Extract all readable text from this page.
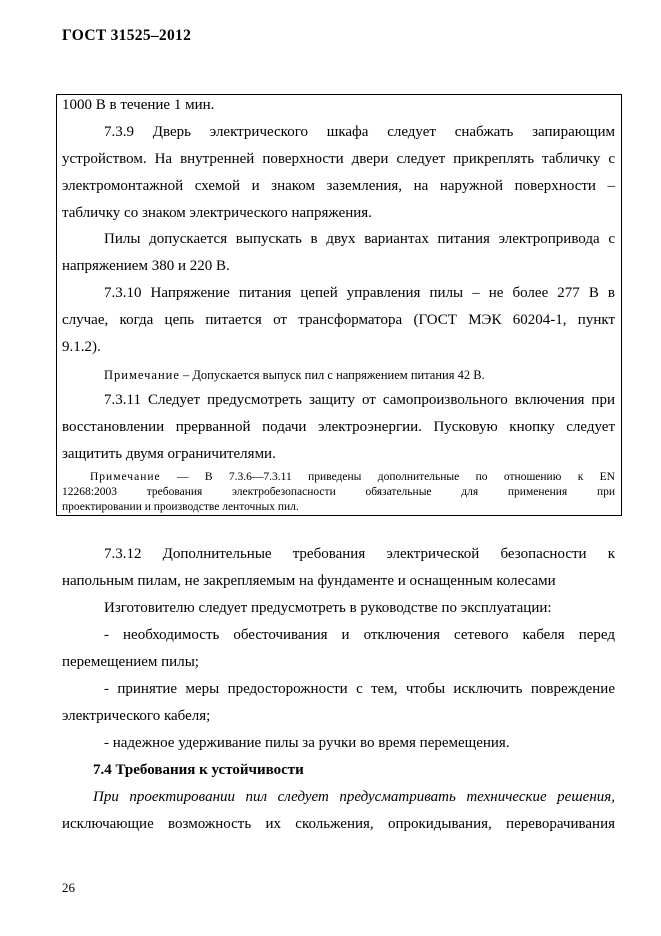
ГОСТ 31525–2012
1000 В в течение 1 мин.
7.3.9 Дверь электрического шкафа следует снабжать запирающим
устройством. На внутренней поверхности двери следует прикреплять табличку с
электромонтажной схемой и знаком заземления, на наружной поверхности –
табличку со знаком электрического напряжения.
Пилы допускается выпускать в двух вариантах питания электропривода с
напряжением 380 и 220 В.
7.3.10 Напряжение питания цепей управления пилы – не более 277 В в
случае, когда цепь питается от трансформатора (ГОСТ МЭК 60204-1, пункт
9.1.2).
Примечание – Допускается выпуск пил с напряжением питания 42 В.
7.3.11 Следует предусмотреть защиту от самопроизвольного включения при
восстановлении прерванной подачи электроэнергии. Пусковую кнопку следует
защитить двумя ограничителями.
Примечание — В 7.3.6—7.3.11 приведены дополнительные по отношению к EN
12268:2003 требования электробезопасности обязательные для применения при
проектировании и производстве ленточных пил.
7.3.12 Дополнительные требования электрической безопасности к
напольным пилам, не закрепляемым на фундаменте и оснащенным колесами
Изготовителю следует предусмотреть в руководстве по эксплуатации:
- необходимость обесточивания и отключения сетевого кабеля перед
перемещением пилы;
- принятие меры предосторожности с тем, чтобы исключить повреждение
электрического кабеля;
- надежное удерживание пилы за ручки во время перемещения.
7.4 Требования к устойчивости
При проектировании пил следует предусматривать технические решения,
исключающие возможность их скольжения, опрокидывания, переворачивания
26
